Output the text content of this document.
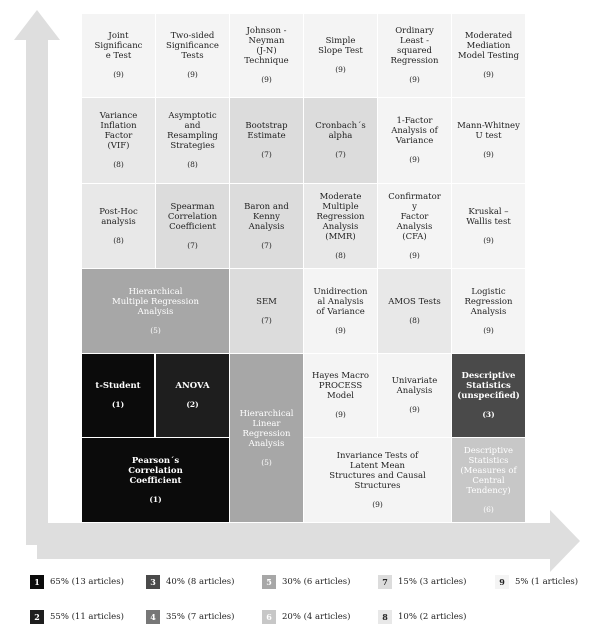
Joint
Significanc
e Test
(9)
Two-sided
Significance
Tests
(9)
Johnson -
Neyman
(J-N)
Technique
(9)
Simple
Slope Test
(9)
Ordinary
Least -
squared
Regression
(9)
Moderated
Mediation
Model Testing
(9)
Variance
Inflation
Factor
(VIF)
(8)
Asymptotic
and
Resampling
Strategies
(8)
Bootstrap
Estimate
(7)
Cronbach´s
alpha
(7)
1-Factor
Analysis of
Variance
(9)
Mann-Whitney
U test
(9)
Post-Hoc
analysis
(8)
Spearman
Correlation
Coefficient
(7)
Baron and
Kenny
Analysis
(7)
Moderate
Multiple
Regression
Analysis
(MMR)
(8)
Confirmator
y
Factor
Analysis
(CFA)
(9)
Kruskal –
Wallis test
(9)
Hierarchical
Multiple Regression
Analysis
(5)
SEM
(7)
Unidirection
al Analysis
of Variance
(9)
AMOS Tests
(8)
Logistic
Regression
Analysis
(9)
t-Student
(1)
ANOVA
(2)
Hierarchical
Linear
Regression
Analysis
(5)
Hayes Macro
PROCESS
Model
(9)
Univariate
Analysis
(9)
Descriptive
Statistics
(unspecified)
(3)
Pearson´s
Correlation
Coefficient
(1)
Invariance Tests of
Latent Mean
Structures and Causal
Structures
(9)
Descriptive
Statistics
(Measures of
Central
Tendency)
(6)
1	65% (13 articles)
2	55% (11 articles)
3	40% (8 articles)
4	35% (7 articles)
5	30% (6 articles)
6	20% (4 articles)
7	15% (3 articles)
8	10% (2 articles)
9	5% (1 articles)
